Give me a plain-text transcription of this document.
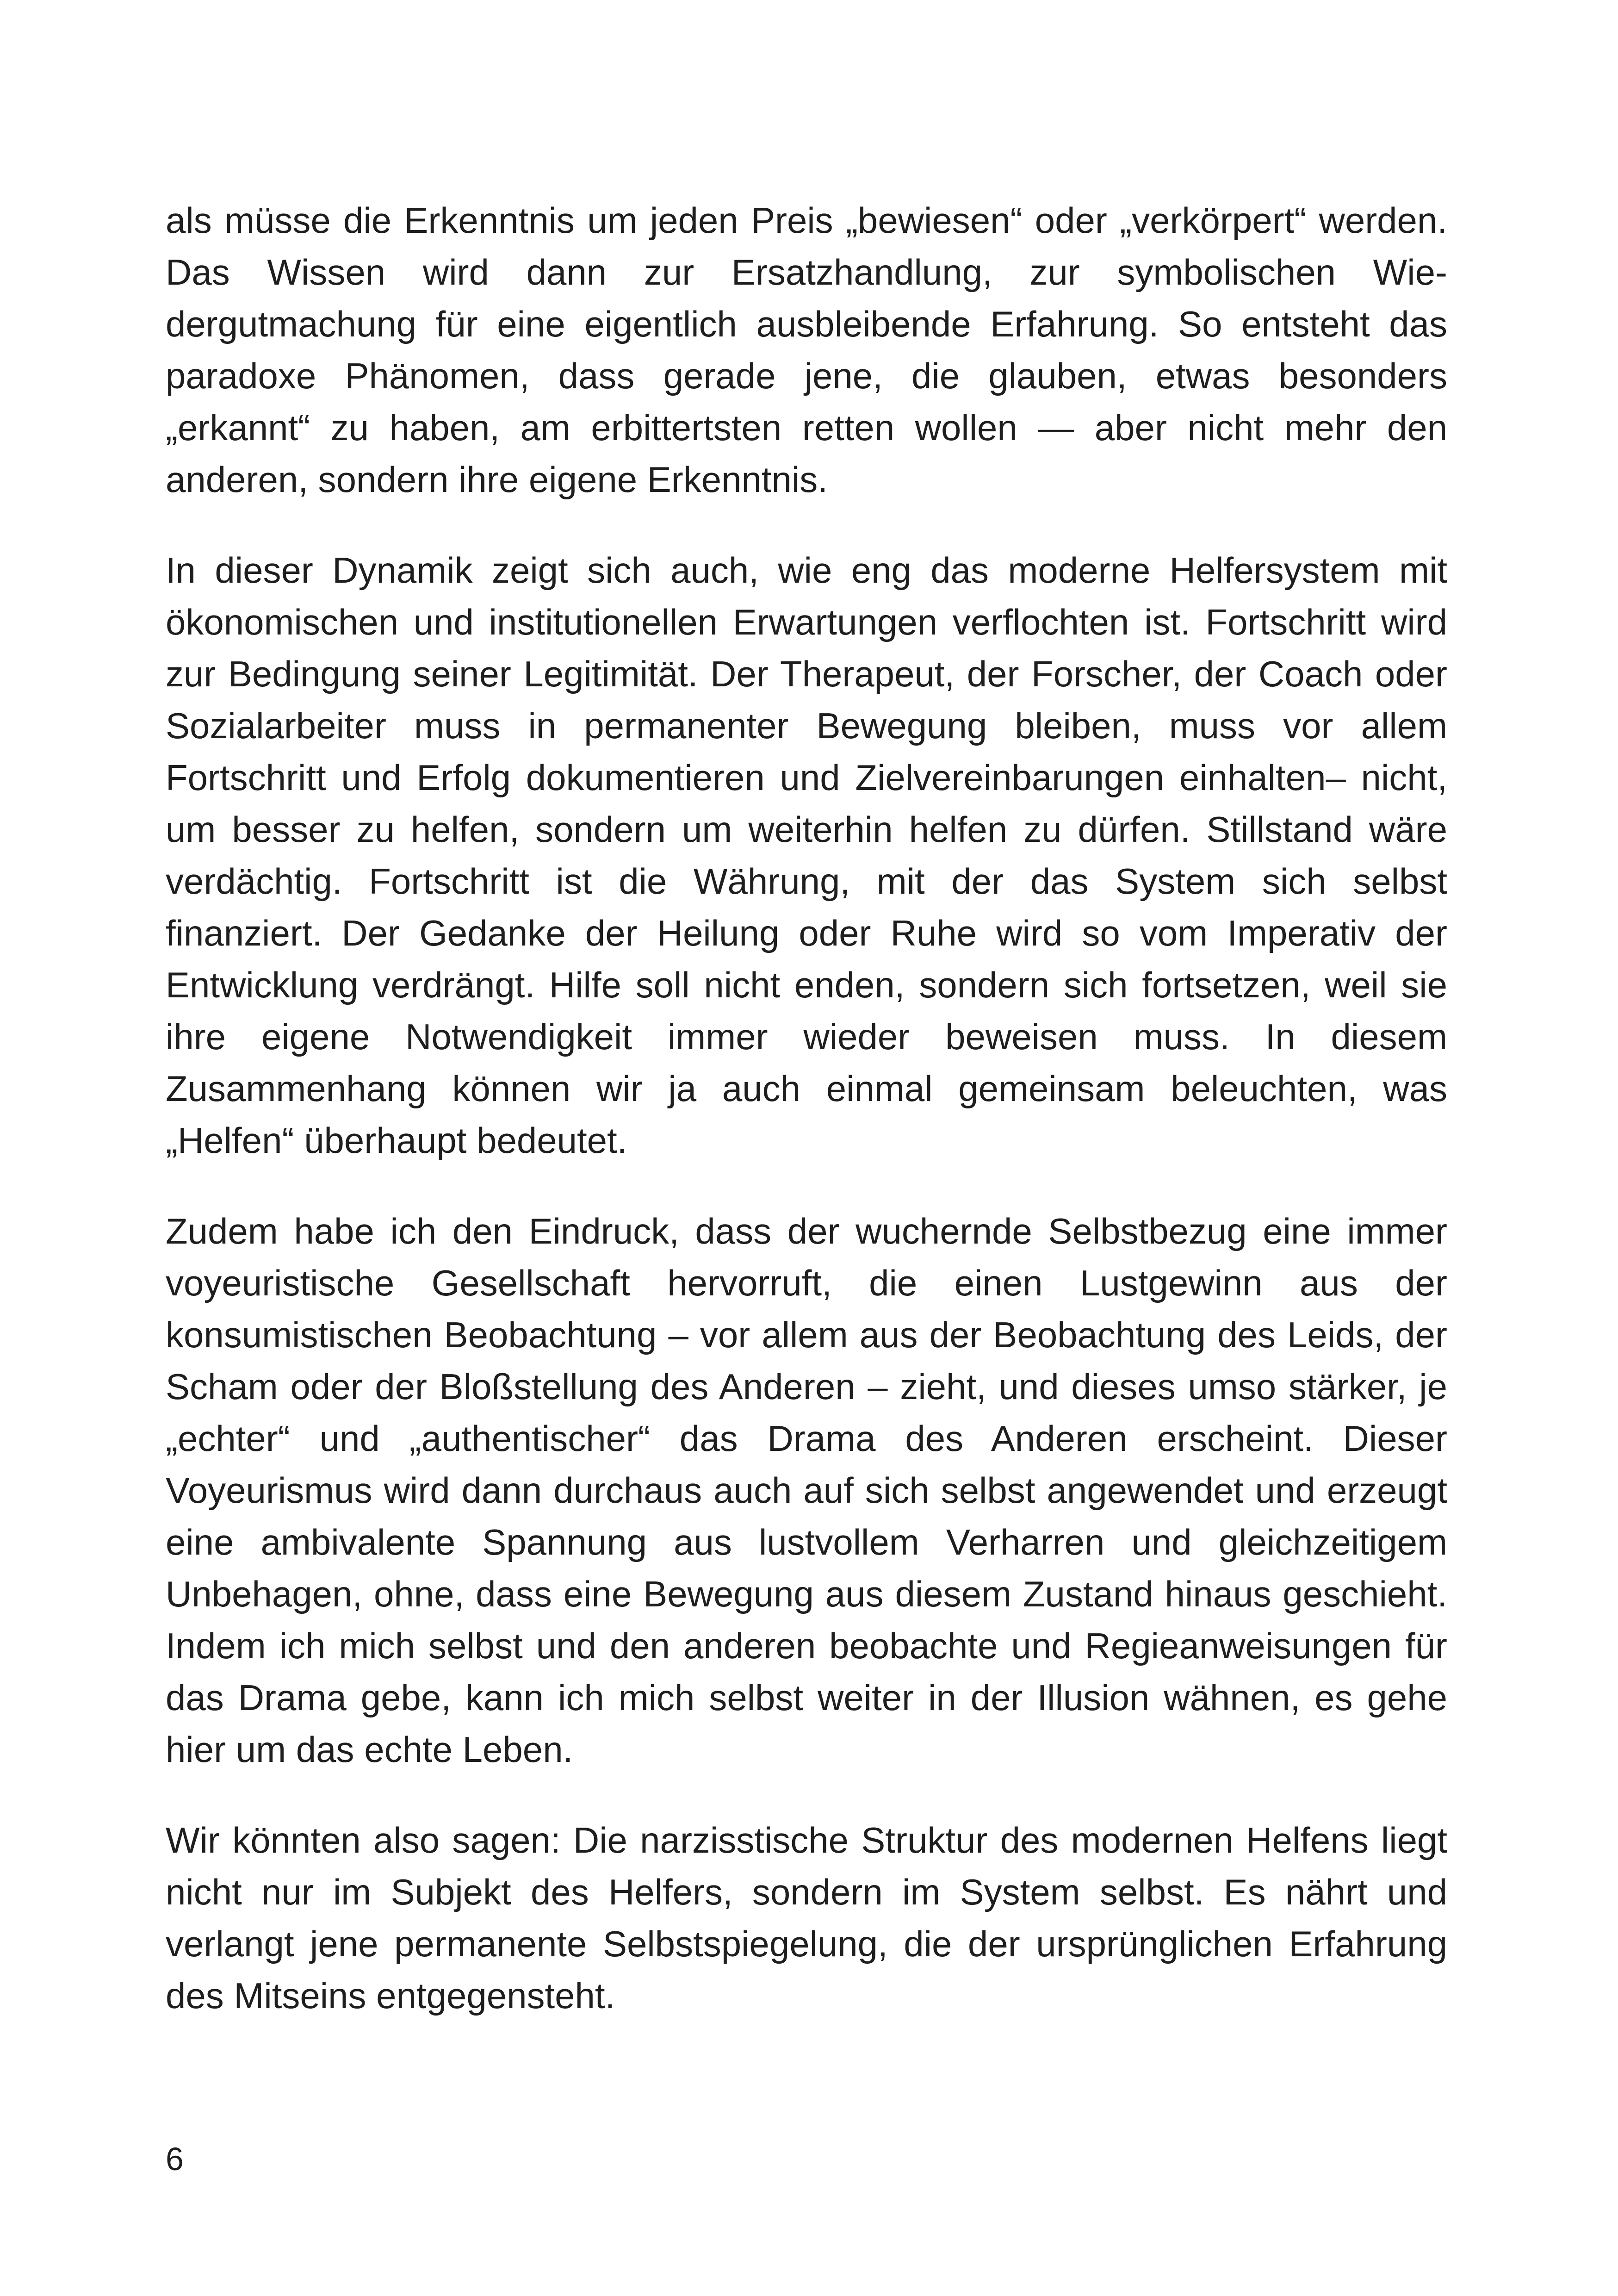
als müsse die Erkenntnis um jeden Preis „bewiesen“ oder „verkörpert“ werden. Das Wissen wird dann zur Ersatzhandlung, zur symbolischen Wiedergutmachung für eine eigentlich ausbleibende Erfahrung. So entsteht das paradoxe Phänomen, dass gerade jene, die glauben, etwas besonders „erkannt“ zu haben, am erbittertsten retten wollen — aber nicht mehr den anderen, sondern ihre eigene Erkenntnis.

In dieser Dynamik zeigt sich auch, wie eng das moderne Helfersystem mit ökonomischen und institutionellen Erwartungen verflochten ist. Fortschritt wird zur Bedingung seiner Legitimität. Der Therapeut, der Forscher, der Coach oder Sozialarbeiter muss in permanenter Bewegung bleiben, muss vor allem Fortschritt und Erfolg dokumentieren und Zielvereinbarungen einhalten– nicht, um besser zu helfen, sondern um weiterhin helfen zu dürfen. Stillstand wäre verdächtig. Fortschritt ist die Währung, mit der das System sich selbst finanziert. Der Gedanke der Heilung oder Ruhe wird so vom Imperativ der Entwicklung verdrängt. Hilfe soll nicht enden, sondern sich fortsetzen, weil sie ihre eigene Notwendigkeit immer wieder beweisen muss. In diesem Zusammenhang können wir ja auch einmal gemeinsam beleuchten, was „Helfen“ überhaupt bedeutet.

Zudem habe ich den Eindruck, dass der wuchernde Selbstbezug eine immer voyeuristische Gesellschaft hervorruft, die einen Lustgewinn aus der konsumistischen Beobachtung – vor allem aus der Beobachtung des Leids, der Scham oder der Bloßstellung des Anderen – zieht, und dieses umso stärker, je „echter“ und „authentischer“ das Drama des Anderen erscheint. Dieser Voyeurismus wird dann durchaus auch auf sich selbst angewendet und erzeugt eine ambivalente Spannung aus lustvollem Verharren und gleichzeitigem Unbehagen, ohne, dass eine Bewegung aus diesem Zustand hinaus geschieht. Indem ich mich selbst und den anderen beobachte und Regieanweisungen für das Drama gebe, kann ich mich selbst weiter in der Illusion wähnen, es gehe hier um das echte Leben.

Wir könnten also sagen: Die narzisstische Struktur des modernen Helfens liegt nicht nur im Subjekt des Helfers, sondern im System selbst. Es nährt und verlangt jene permanente Selbstspiegelung, die der ursprünglichen Erfahrung des Mitseins entgegensteht.

6
